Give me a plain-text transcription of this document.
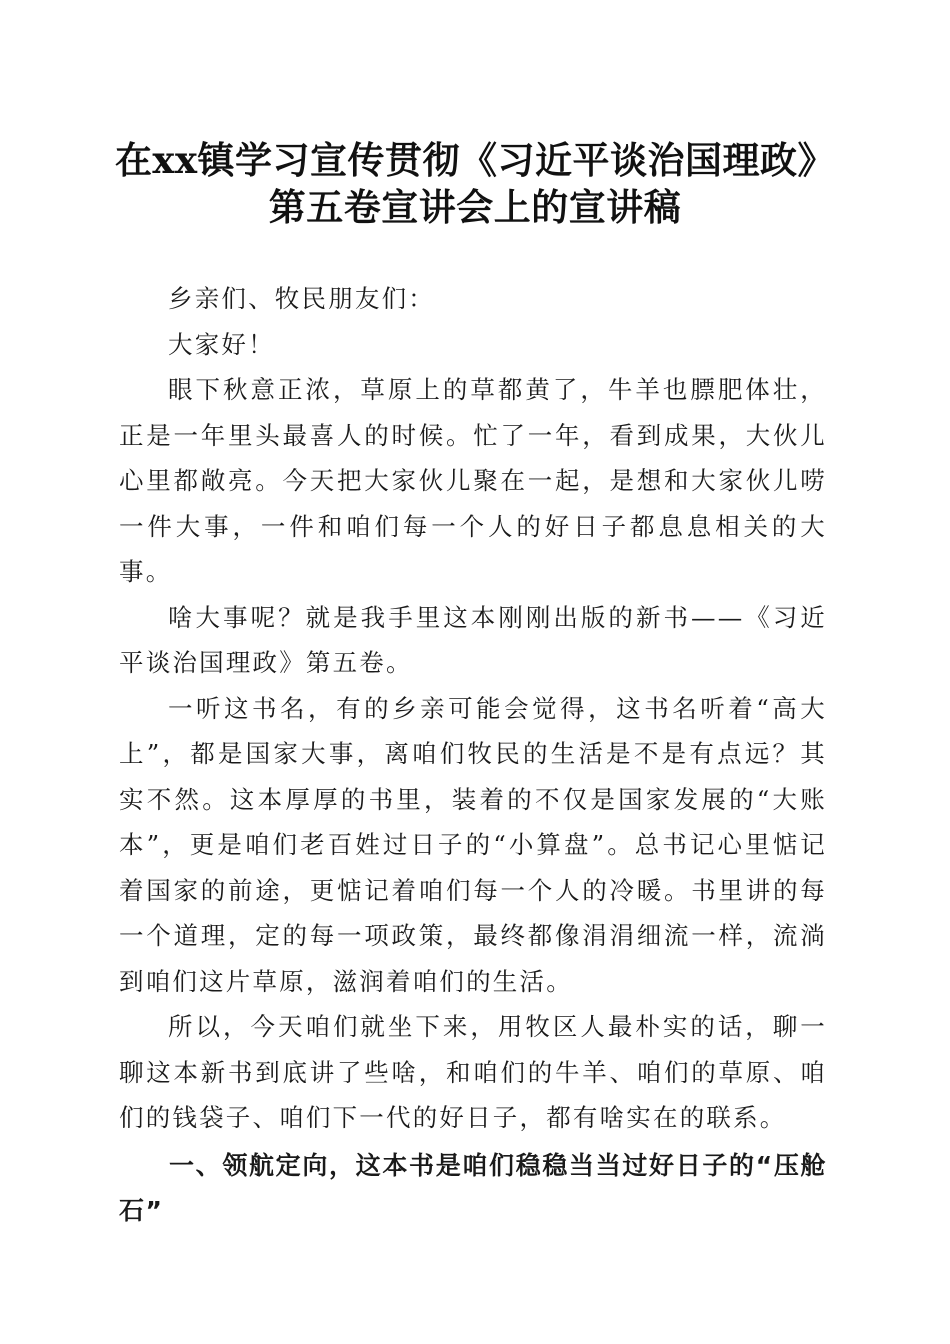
在xx镇学习宣传贯彻《习近平谈治国理政》
第五卷宣讲会上的宣讲稿

乡亲们、牧民朋友们：

大家好！

眼下秋意正浓，草原上的草都黄了，牛羊也膘肥体壮，正是一年里头最喜人的时候。忙了一年，看到成果，大伙儿心里都敞亮。今天把大家伙儿聚在一起，是想和大家伙儿唠一件大事，一件和咱们每一个人的好日子都息息相关的大事。

啥大事呢？就是我手里这本刚刚出版的新书——《习近平谈治国理政》第五卷。

一听这书名，有的乡亲可能会觉得，这书名听着“高大上”，都是国家大事，离咱们牧民的生活是不是有点远？其实不然。这本厚厚的书里，装着的不仅是国家发展的“大账本”，更是咱们老百姓过日子的“小算盘”。总书记心里惦记着国家的前途，更惦记着咱们每一个人的冷暖。书里讲的每一个道理，定的每一项政策，最终都像涓涓细流一样，流淌到咱们这片草原，滋润着咱们的生活。

所以，今天咱们就坐下来，用牧区人最朴实的话，聊一聊这本新书到底讲了些啥，和咱们的牛羊、咱们的草原、咱们的钱袋子、咱们下一代的好日子，都有啥实在的联系。

一、领航定向，这本书是咱们稳稳当当过好日子的“压舱石”
